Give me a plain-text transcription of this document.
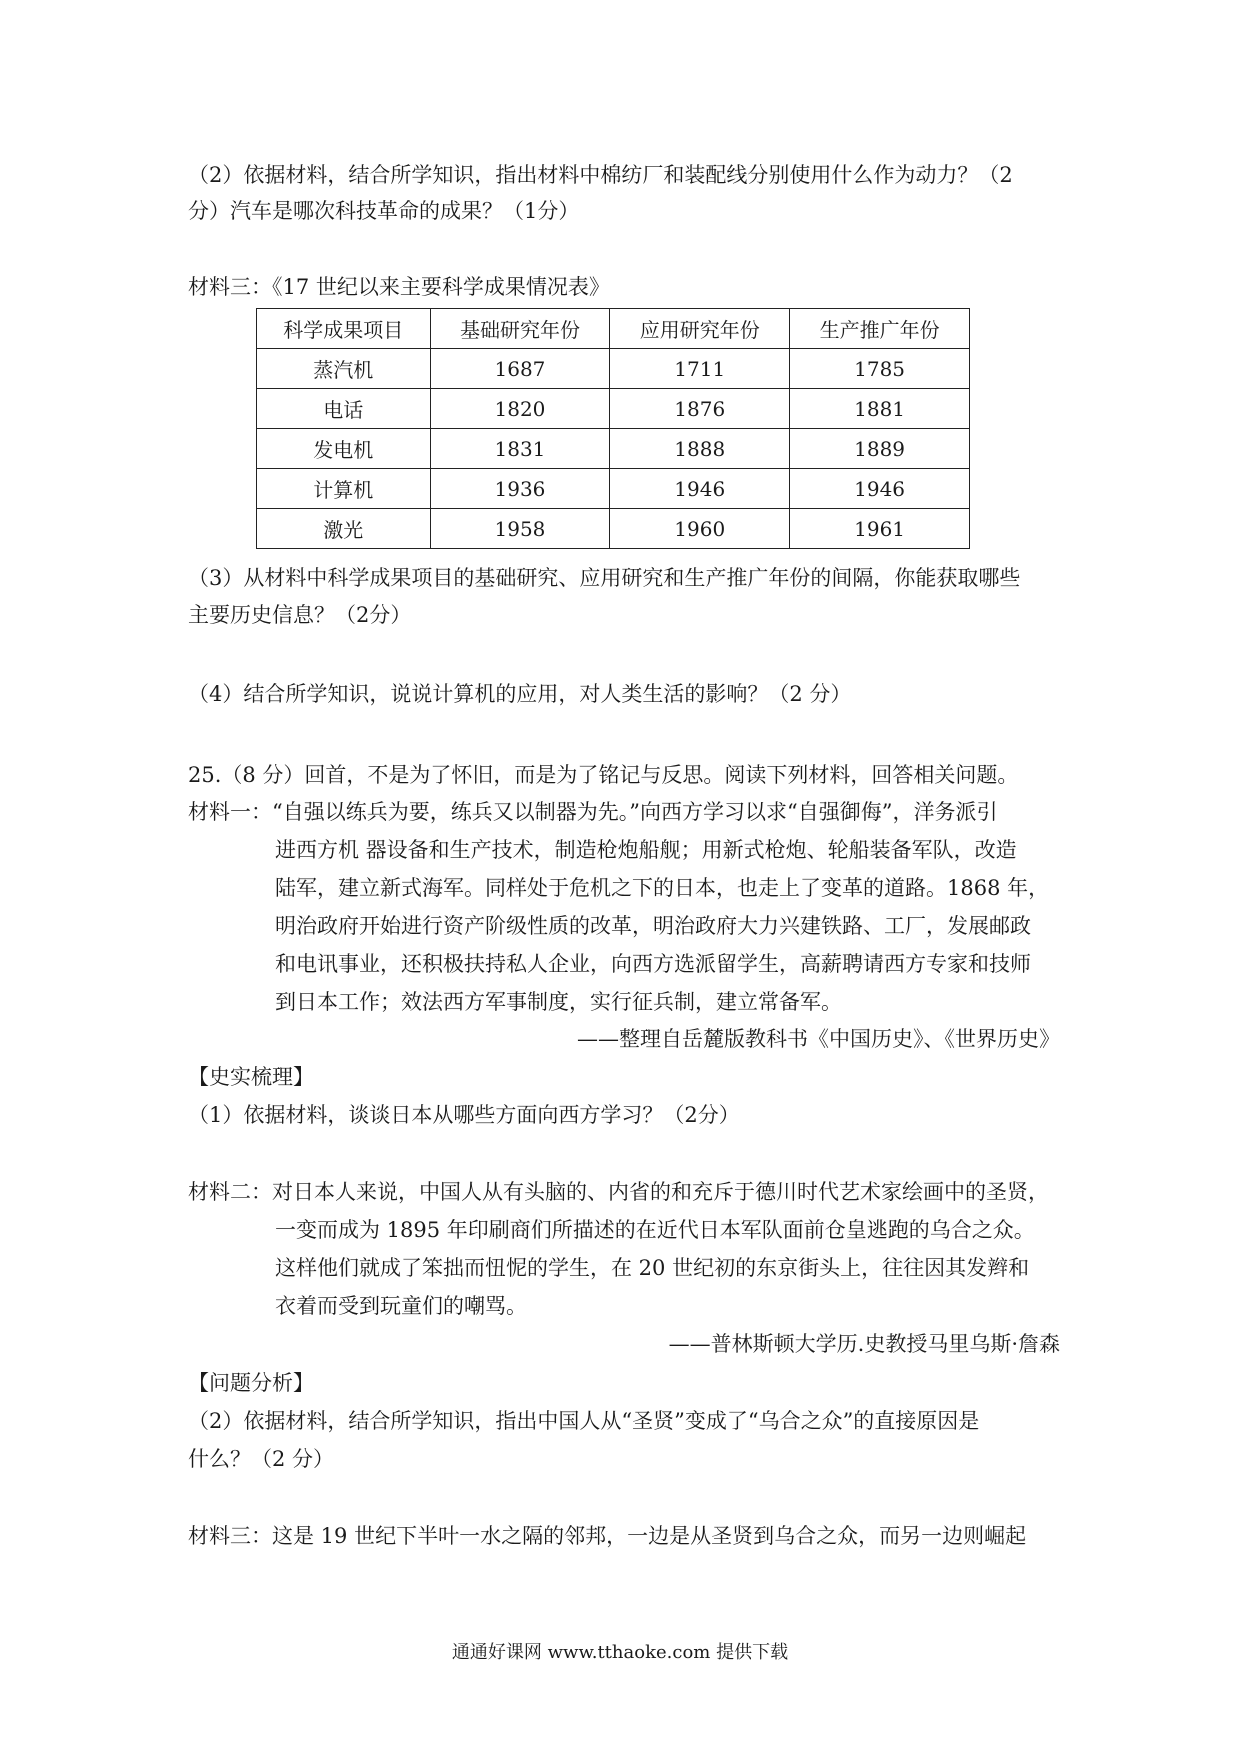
（2）依据材料，结合所学知识，指出材料中棉纺厂和装配线分别使用什么作为动力？（2
分）汽车是哪次科技革命的成果？（1分）
材料三：《17 世纪以来主要科学成果情况表》
科学成果项目	基础研究年份	应用研究年份	生产推广年份
蒸汽机	1687	1711	1785
电话	1820	1876	1881
发电机	1831	1888	1889
计算机	1936	1946	1946
激光	1958	1960	1961
（3）从材料中科学成果项目的基础研究、应用研究和生产推广年份的间隔，你能获取哪些
主要历史信息？（2分）
（4）结合所学知识，说说计算机的应用，对人类生活的影响？（2 分）
25.（8 分）回首，不是为了怀旧，而是为了铭记与反思。阅读下列材料，回答相关问题。
材料一：“自强以练兵为要，练兵又以制器为先。”向西方学习以求“自强御侮”，洋务派引
进西方机 器设备和生产技术，制造枪炮船舰；用新式枪炮、轮船装备军队，改造
陆军，建立新式海军。同样处于危机之下的日本，也走上了变革的道路。1868 年，
明治政府开始进行资产阶级性质的改革，明治政府大力兴建铁路、工厂，发展邮政
和电讯事业，还积极扶持私人企业，向西方选派留学生，高薪聘请西方专家和技师
到日本工作；效法西方军事制度，实行征兵制，建立常备军。
——整理自岳麓版教科书《中国历史》、《世界历史》
【史实梳理】
（1）依据材料，谈谈日本从哪些方面向西方学习？（2分）
材料二：对日本人来说，中国人从有头脑的、内省的和充斥于德川时代艺术家绘画中的圣贤，
一变而成为 1895 年印刷商们所描述的在近代日本军队面前仓皇逃跑的乌合之众。
这样他们就成了笨拙而忸怩的学生，在 20 世纪初的东京街头上，往往因其发辫和
衣着而受到玩童们的嘲骂。
——普林斯顿大学历.史教授马里乌斯·詹森
【问题分析】
（2）依据材料，结合所学知识，指出中国人从“圣贤”变成了“乌合之众”的直接原因是
什么？（2 分）
材料三：这是 19 世纪下半叶一水之隔的邻邦，一边是从圣贤到乌合之众，而另一边则崛起
通通好课网 www.tthaoke.com 提供下载
